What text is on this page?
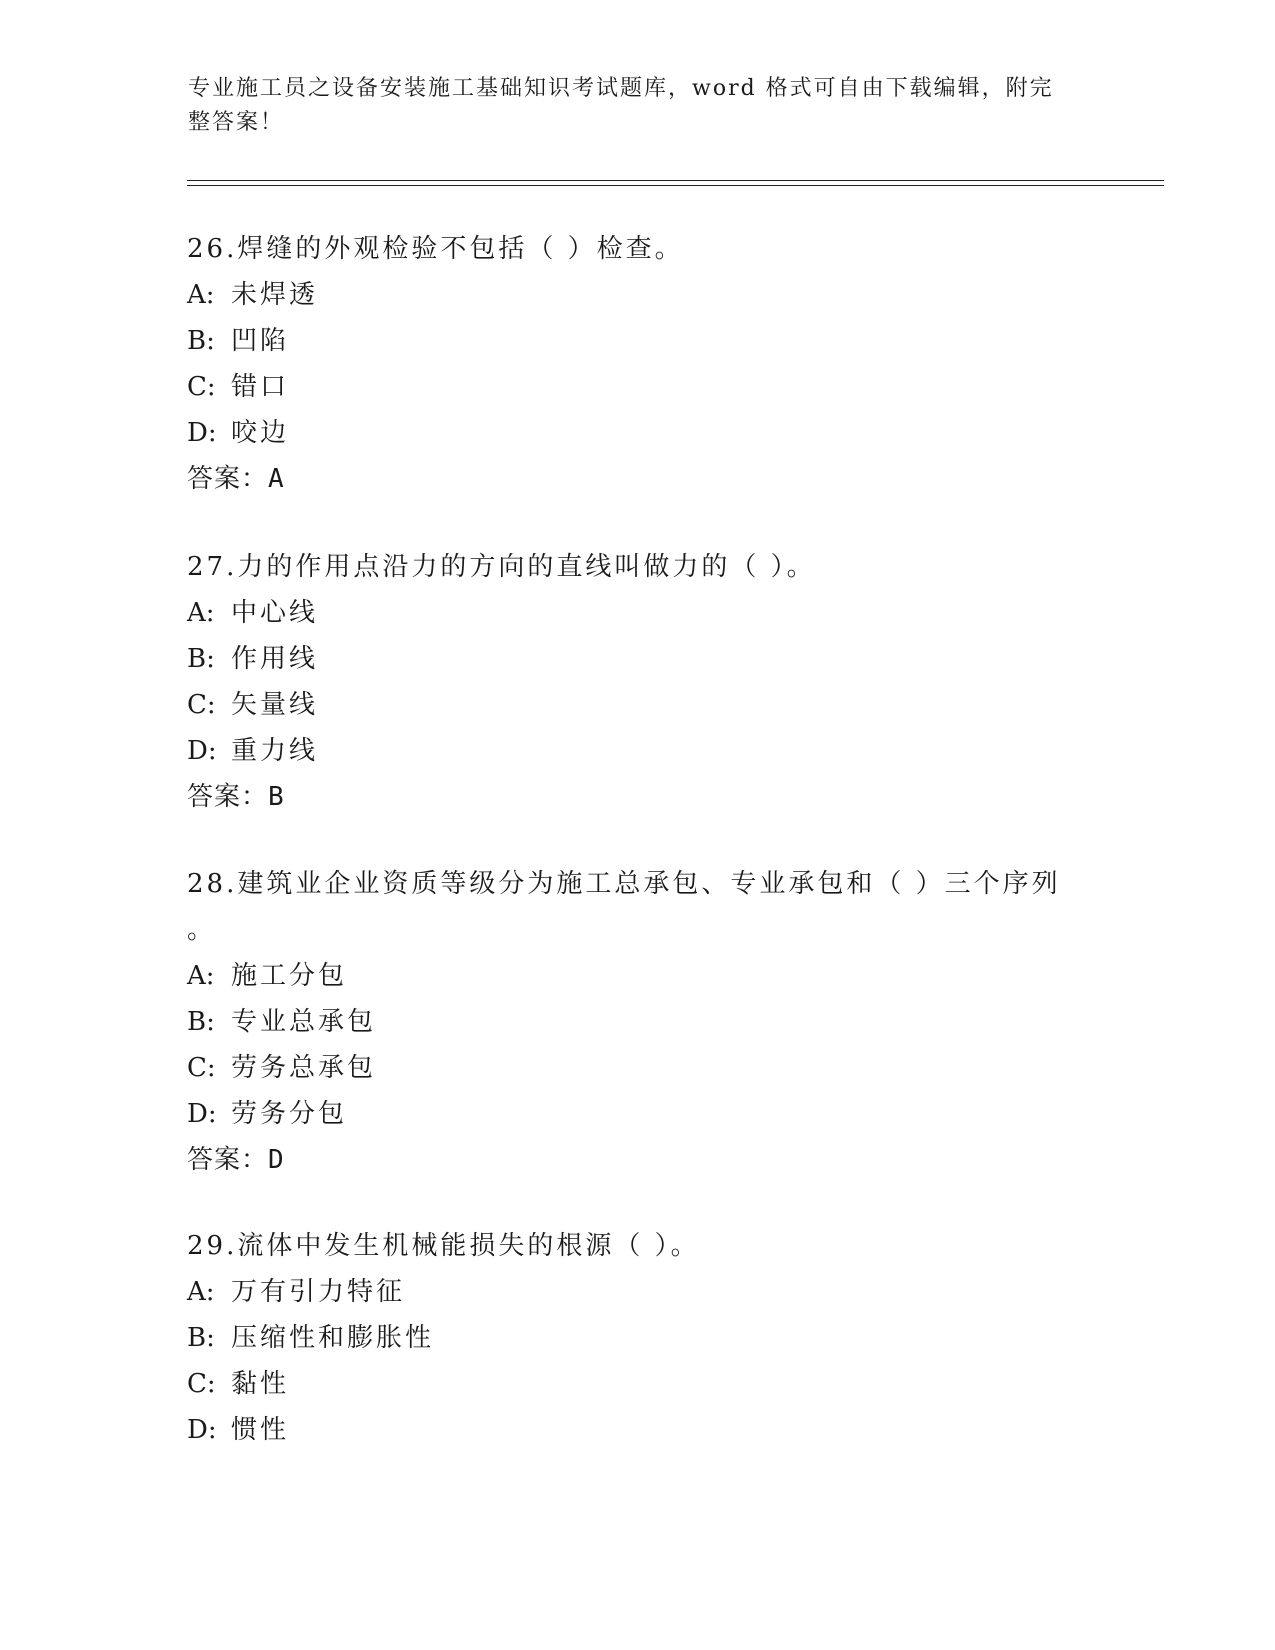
专业施工员之设备安装施工基础知识考试题库，word 格式可自由下载编辑，附完
整答案！
26.焊缝的外观检验不包括（ ）检查。
A: 未焊透
B: 凹陷
C: 错口
D: 咬边
答案：A
27.力的作用点沿力的方向的直线叫做力的（ ）。
A: 中心线
B: 作用线
C: 矢量线
D: 重力线
答案：B
28.建筑业企业资质等级分为施工总承包、专业承包和（ ）三个序列
。
A: 施工分包
B: 专业总承包
C: 劳务总承包
D: 劳务分包
答案：D
29.流体中发生机械能损失的根源（ ）。
A: 万有引力特征
B: 压缩性和膨胀性
C: 黏性
D: 惯性
